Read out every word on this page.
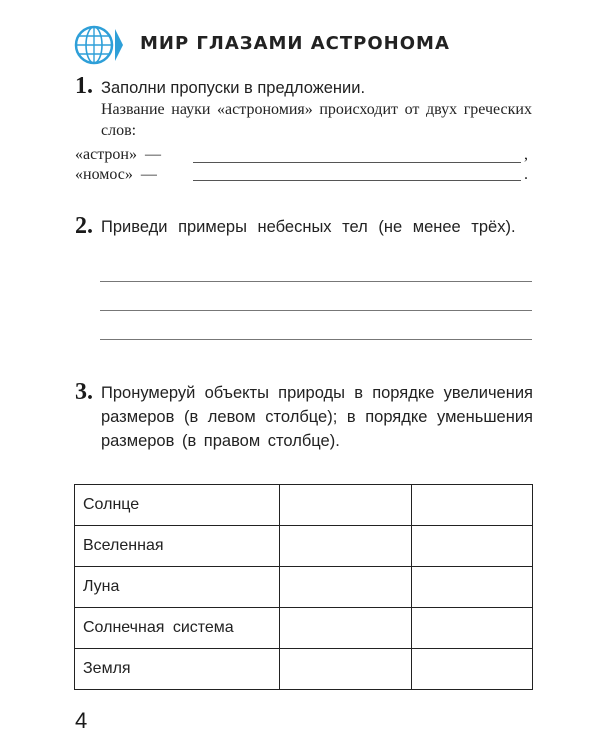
МИР ГЛАЗАМИ АСТРОНОМА
1. Заполни пропуски в предложении.
Название науки «астрономия» происходит от двух греческих слов:
«астрон» —	,
«номос» —	.
2. Приведи примеры небесных тел (не менее трёх).
3. Пронумеруй объекты природы в порядке увеличения размеров (в левом столбце); в порядке уменьшения размеров (в правом столбце).
Солнце		
Вселенная		
Луна		
Солнечная система		
Земля		
4
